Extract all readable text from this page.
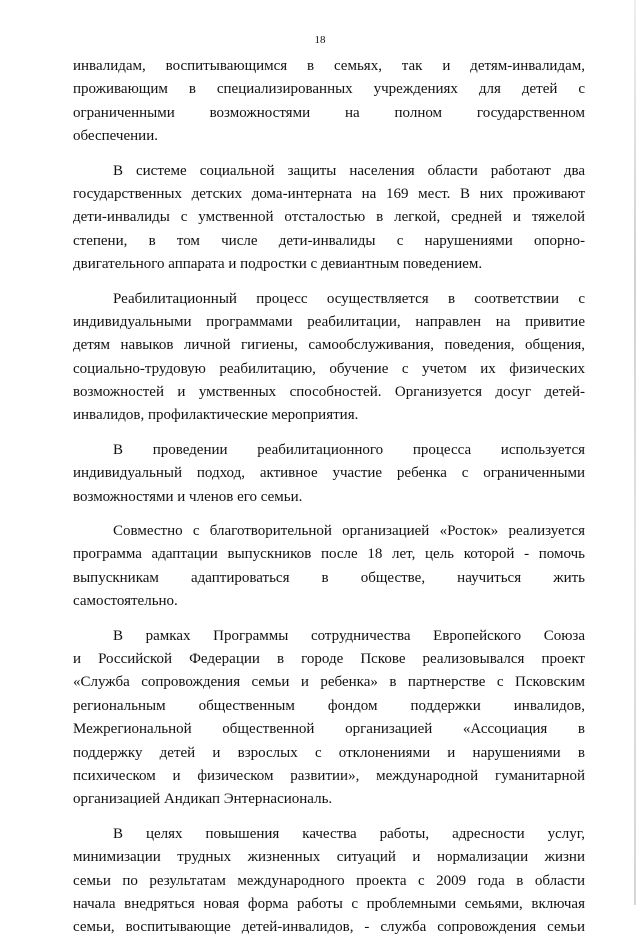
18
инвалидам, воспитывающимся в семьях, так и детям-инвалидам,
проживающим в специализированных учреждениях для детей с
ограниченными возможностями на полном государственном
обеспечении.
В системе социальной защиты населения области работают два
государственных детских дома-интерната на 169 мест. В них проживают
дети-инвалиды с умственной отсталостью в легкой, средней и тяжелой
степени, в том числе дети-инвалиды с нарушениями опорно-
двигательного аппарата и подростки с девиантным поведением.
Реабилитационный процесс осуществляется в соответствии с
индивидуальными программами реабилитации, направлен на привитие
детям навыков личной гигиены, самообслуживания, поведения, общения,
социально-трудовую реабилитацию, обучение с учетом их физических
возможностей и умственных способностей. Организуется досуг детей-
инвалидов, профилактические мероприятия.
В проведении реабилитационного процесса используется
индивидуальный подход, активное участие ребенка с ограниченными
возможностями и членов его семьи.
Совместно с благотворительной организацией «Росток» реализуется
программа адаптации выпускников после 18 лет, цель которой - помочь
выпускникам адаптироваться в обществе, научиться жить
самостоятельно.
В рамках Программы сотрудничества Европейского Союза
и Российской Федерации в городе Пскове реализовывался проект
«Служба сопровождения семьи и ребенка» в партнерстве с Псковским
региональным общественным фондом поддержки инвалидов,
Межрегиональной общественной организацией «Ассоциация в
поддержку детей и взрослых с отклонениями и нарушениями в
психическом и физическом развитии», международной гуманитарной
организацией Андикап Энтернасиональ.
В целях повышения качества работы, адресности услуг,
минимизации трудных жизненных ситуаций и нормализации жизни
семьи по результатам международного проекта с 2009 года в области
начала внедряться новая форма работы с проблемными семьями, включая
семьи, воспитывающие детей-инвалидов, - служба сопровождения семьи
